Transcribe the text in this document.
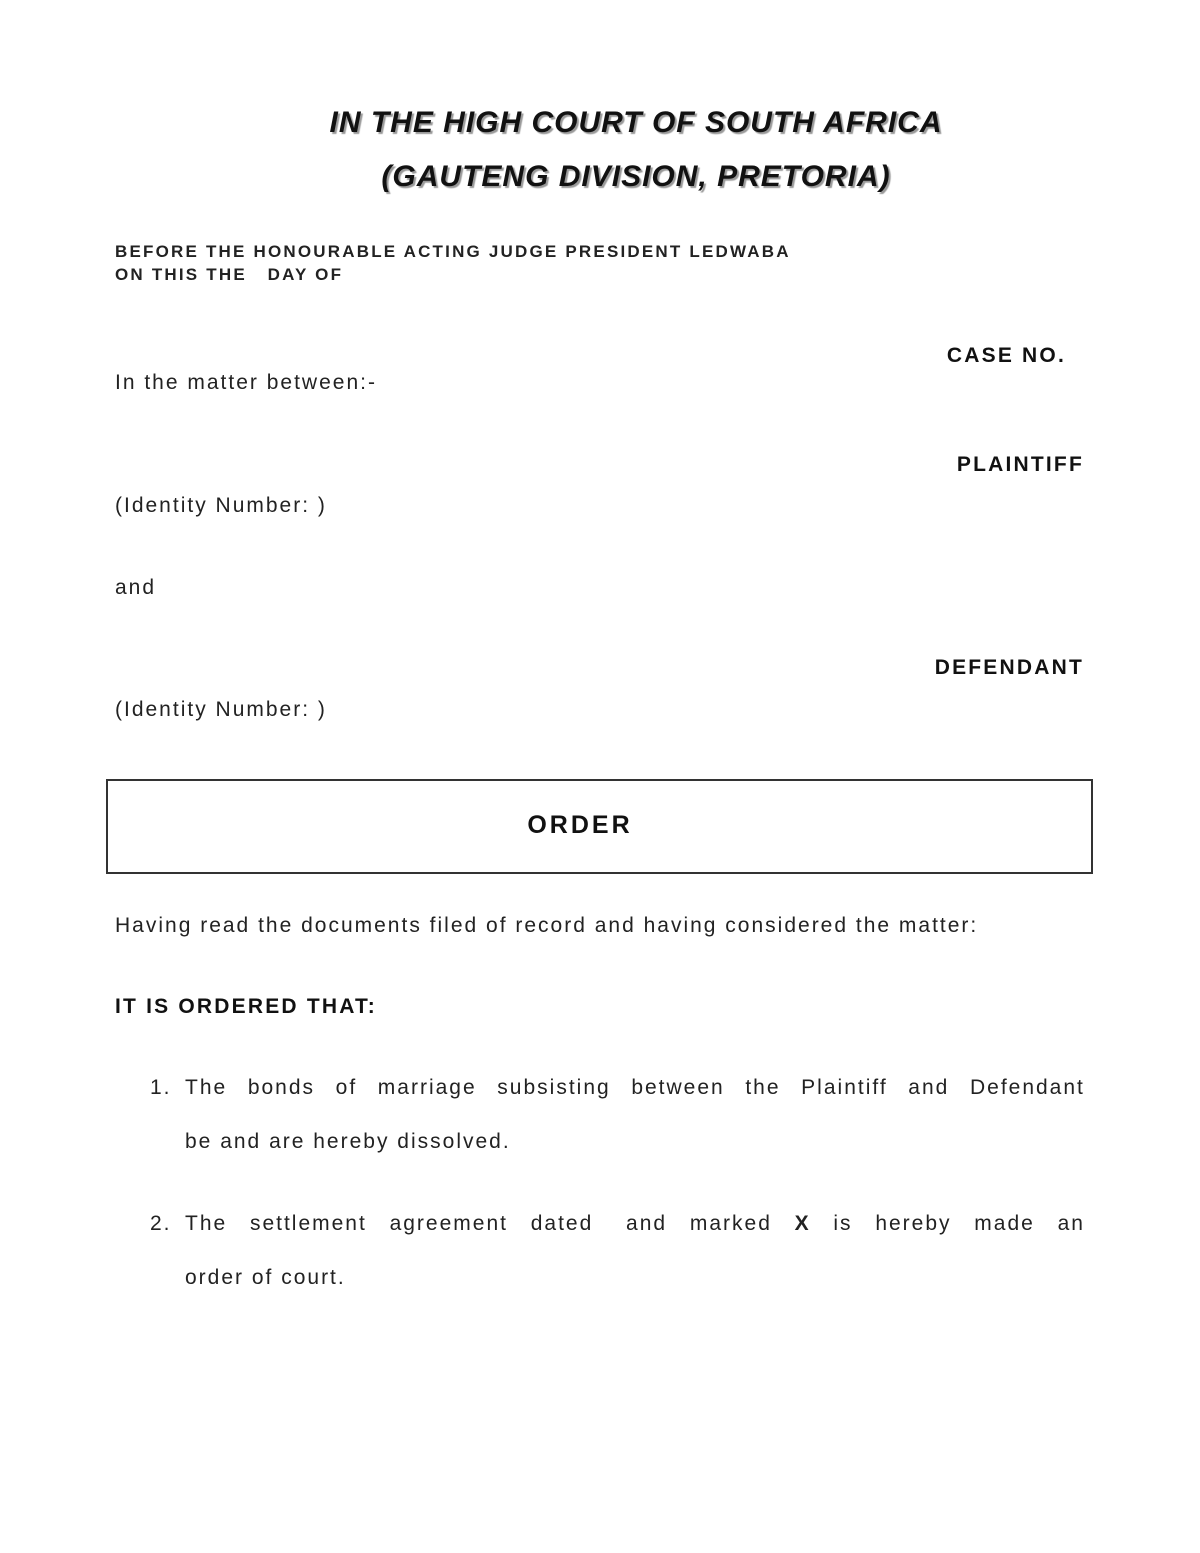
IN THE HIGH COURT OF SOUTH AFRICA
(GAUTENG DIVISION, PRETORIA)
BEFORE THE HONOURABLE ACTING JUDGE PRESIDENT LEDWABA
ON THIS THE   DAY OF
CASE NO.
In the matter between:-
PLAINTIFF
(Identity Number: )
and
DEFENDANT
(Identity Number: )
ORDER
Having read the documents filed of record and having considered the matter:
IT IS ORDERED THAT:
1. The bonds of marriage subsisting between the Plaintiff and Defendant
be and are hereby dissolved.
2. The settlement agreement dated and marked X is hereby made an
order of court.
